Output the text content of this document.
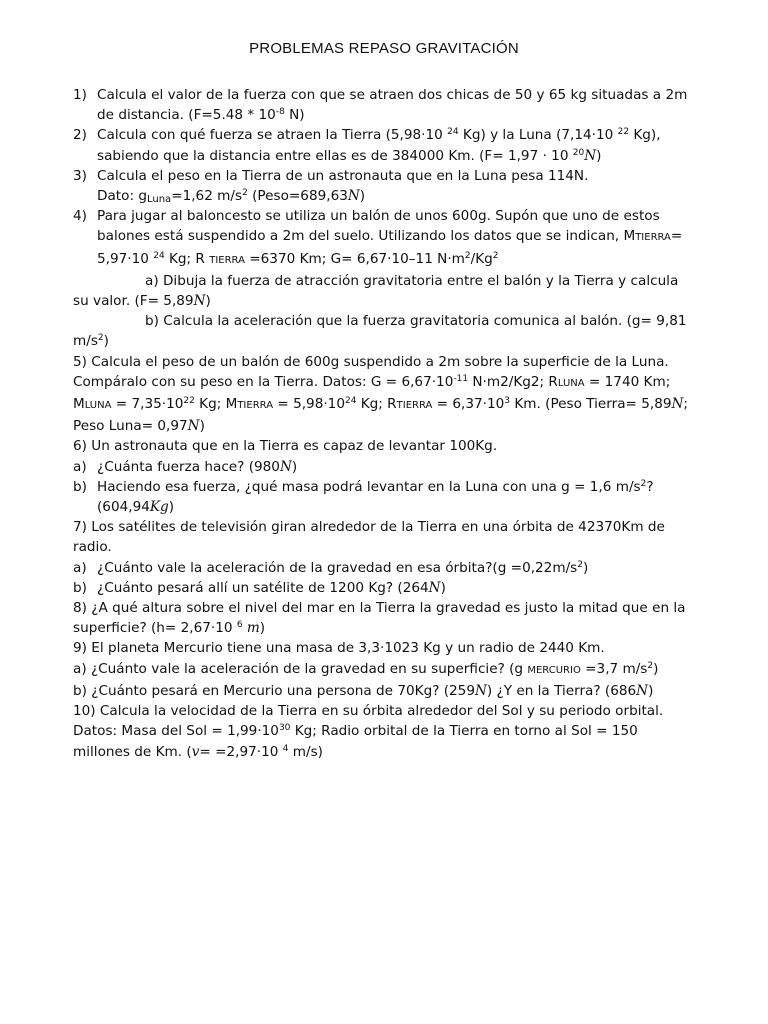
PROBLEMAS REPASO GRAVITACIÓN
1) Calcula el valor de la fuerza con que se atraen dos chicas de 50 y 65 kg situadas a 2m de distancia. ($F=5.48 * 10^{-8}$ N)
2) Calcula con qué fuerza se atraen la Tierra (5,98·10 $^{24}$ Kg) y la Luna (7,14·10 $^{22}$ Kg), sabiendo que la distancia entre ellas es de 384000 Km. (F= 1,97 · 10 $^{20}$N)
3) Calcula el peso en la Tierra de un astronauta que en la Luna pesa 114N.
Dato: $g_{Luna}=1,62$ $m/s^2$ (Peso=689,63N)
4) Para jugar al baloncesto se utiliza un balón de unos 600g. Supón que uno de estos balones está suspendido a 2m del suelo. Utilizando los datos que se indican, MTIERRA= 5,97·10 $^{24}$ Kg; R TIERRA =6370 Km; G= 6,67·10–11 $N\cdot m^2/Kg^2$
a) Dibuja la fuerza de atracción gravitatoria entre el balón y la Tierra y calcula su valor. (F= 5,89N)
b) Calcula la aceleración que la fuerza gravitatoria comunica al balón. (g= 9,81 $m/s^2$)
5) Calcula el peso de un balón de 600g suspendido a 2m sobre la superficie de la Luna. Compáralo con su peso en la Tierra. Datos: $G = 6,67\cdot 10^{-11}$ N·m2/Kg2; RLUNA = 1740 Km; MLUNA = $7,35\cdot 10^{22}$ Kg; MTIERRA = $5,98\cdot 10^{24}$ Kg; RTIERRA = $6,37\cdot 10^3$ Km. (Peso Tierra= 5,89N; Peso Luna= 0,97N)
6) Un astronauta que en la Tierra es capaz de levantar 100Kg.
a) ¿Cuánta fuerza hace? (980N)
b) Haciendo esa fuerza, ¿qué masa podrá levantar en la Luna con una g = 1,6 $m/s^2$? (604,94Kg)
7) Los satélites de televisión giran alrededor de la Tierra en una órbita de 42370Km de radio.
a) ¿Cuánto vale la aceleración de la gravedad en esa órbita?(g $=0,22m/s^2$)
b) ¿Cuánto pesará allí un satélite de 1200 Kg? (264N)
8) ¿A qué altura sobre el nivel del mar en la Tierra la gravedad es justo la mitad que en la superficie? (h= 2,67·10 $^6$ m)
9) El planeta Mercurio tiene una masa de 3,3·1023 Kg y un radio de 2440 Km.
a) ¿Cuánto vale la aceleración de la gravedad en su superficie? (g MERCURIO =3,7 $m/s^2$)
b) ¿Cuánto pesará en Mercurio una persona de 70Kg? (259N) ¿Y en la Tierra? (686N)
10) Calcula la velocidad de la Tierra en su órbita alrededor del Sol y su periodo orbital. Datos: Masa del Sol = $1,99\cdot 10^{30}$ Kg; Radio orbital de la Tierra en torno al Sol = 150 millones de Km. (v= =2,97·10 $^4$ m/s)
